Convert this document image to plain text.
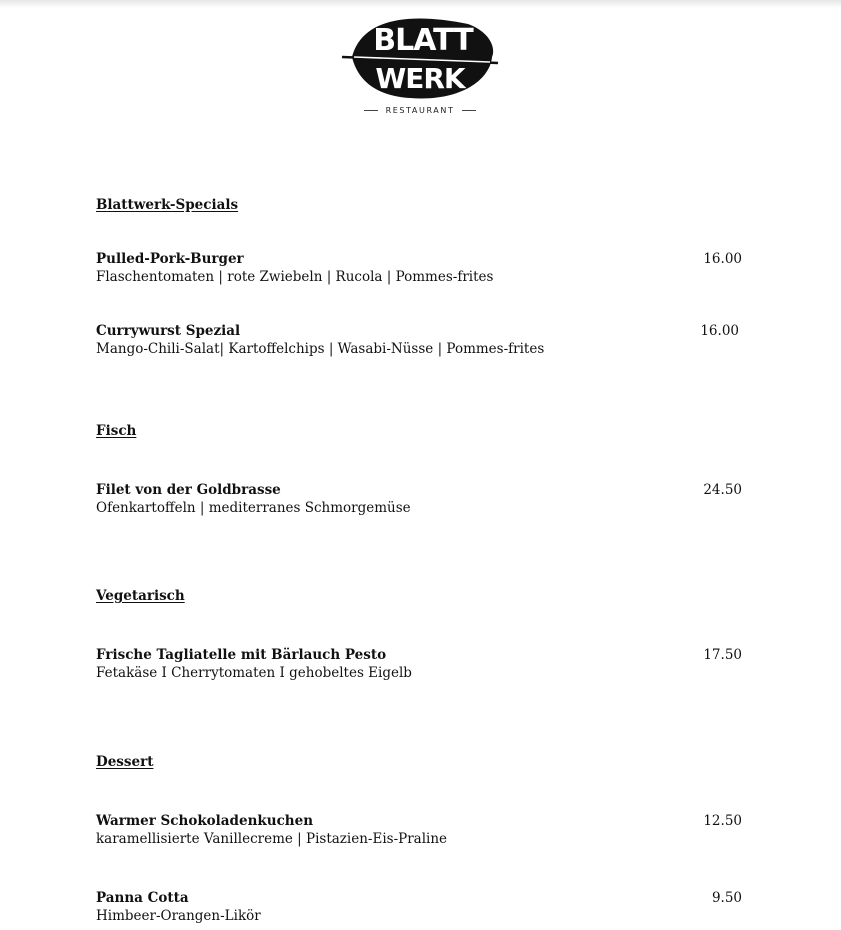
BLATT
WERK
RESTAURANT
Blattwerk-Specials
Pulled-Pork-Burger
Flaschentomaten | rote Zwiebeln | Rucola | Pommes-frites
16.00
Currywurst Spezial
Mango-Chili-Salat| Kartoffelchips | Wasabi-Nüsse | Pommes-frites
16.00
Fisch
Filet von der Goldbrasse
Ofenkartoffeln | mediterranes Schmorgemüse
24.50
Vegetarisch
Frische Tagliatelle mit Bärlauch Pesto
Fetakäse I Cherrytomaten I gehobeltes Eigelb
17.50
Dessert
Warmer Schokoladenkuchen
karamellisierte Vanillecreme | Pistazien-Eis-Praline
12.50
Panna Cotta
Himbeer-Orangen-Likör
9.50
